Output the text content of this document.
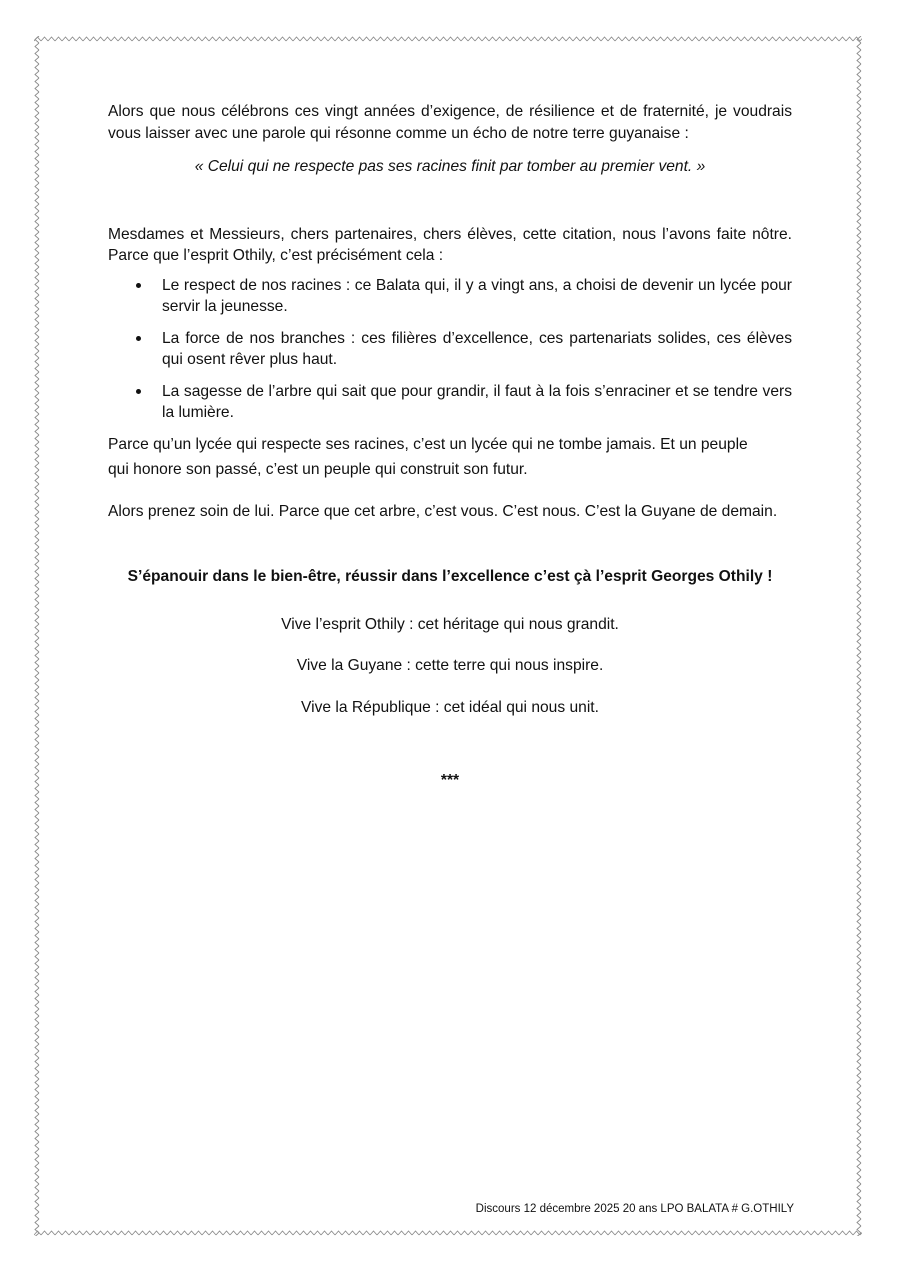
Alors que nous célébrons ces vingt années d’exigence, de résilience et de fraternité, je voudrais vous laisser avec une parole qui résonne comme un écho de notre terre guyanaise :

« Celui qui ne respecte pas ses racines finit par tomber au premier vent. »

Mesdames et Messieurs, chers partenaires, chers élèves, cette citation, nous l’avons faite nôtre. Parce que l’esprit Othily, c’est précisément cela :

Le respect de nos racines : ce Balata qui, il y a vingt ans, a choisi de devenir un lycée pour servir la jeunesse.
La force de nos branches : ces filières d’excellence, ces partenariats solides, ces élèves qui osent rêver plus haut.
La sagesse de l’arbre qui sait que pour grandir, il faut à la fois s’enraciner et se tendre vers la lumière.

Parce qu’un lycée qui respecte ses racines, c’est un lycée qui ne tombe jamais. Et un peuple
qui honore son passé, c’est un peuple qui construit son futur.

Alors prenez soin de lui. Parce que cet arbre, c’est vous. C’est nous. C’est la Guyane de demain.

S’épanouir dans le bien-être, réussir dans l’excellence c’est çà l’esprit Georges Othily !

Vive l’esprit Othily : cet héritage qui nous grandit.

Vive la Guyane : cette terre qui nous inspire.

Vive la République : cet idéal qui nous unit.

***

Discours 12 décembre 2025 20 ans LPO BALATA # G.OTHILY
